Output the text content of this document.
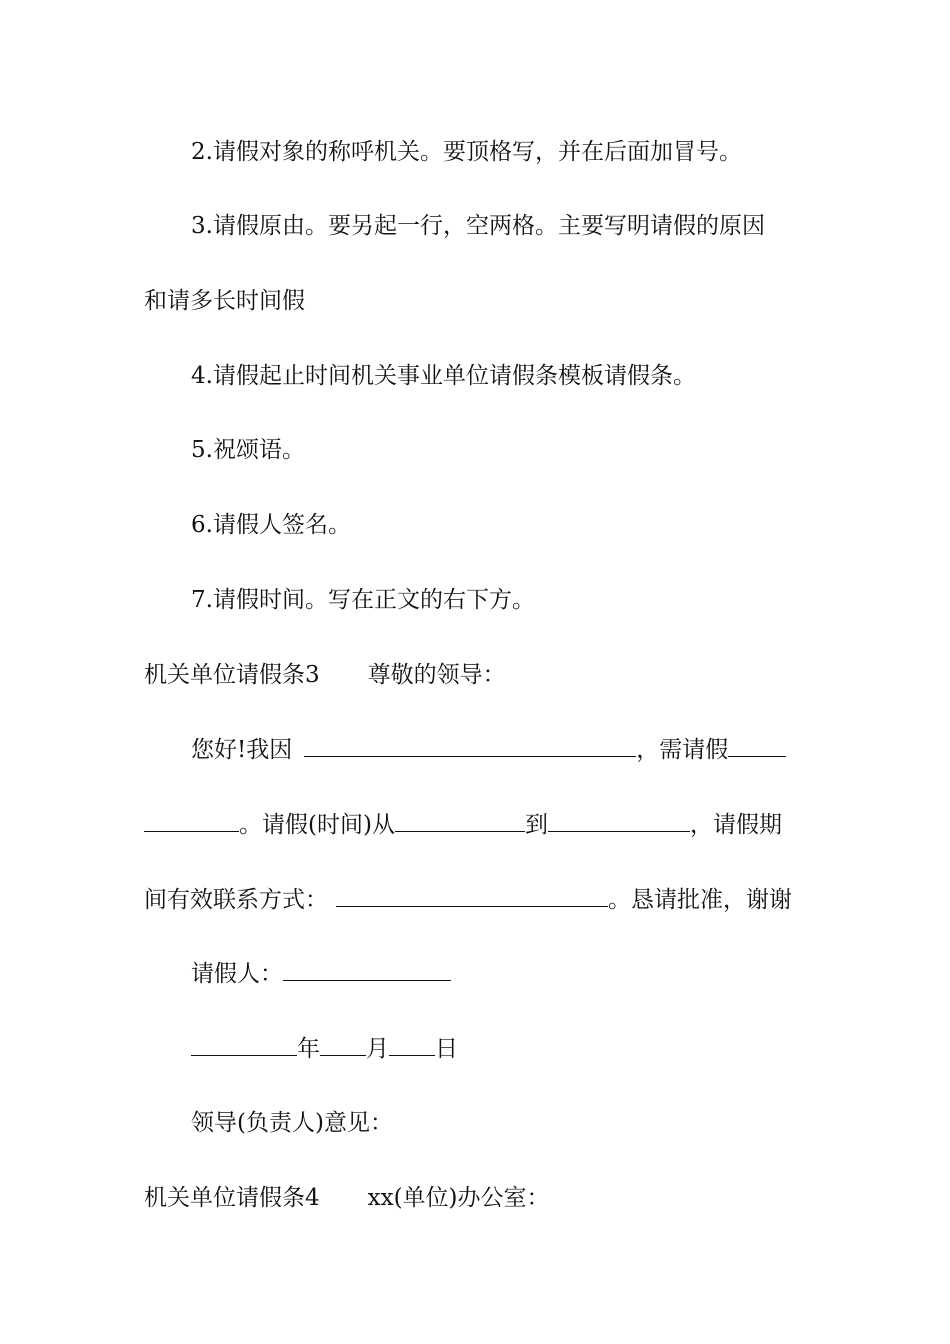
2.请假对象的称呼机关。要顶格写，并在后面加冒号。
3.请假原由。要另起一行，空两格。主要写明请假的原因
和请多长时间假
4.请假起止时间机关事业单位请假条模板请假条。
5.祝颂语。
6.请假人签名。
7.请假时间。写在正文的右下方。
机关单位请假条3 尊敬的领导：
您好!我因	，需请假
。请假(时间)从	到	，请假期
间有效联系方式：	。恳请批准，谢谢
请假人：
年 月 日
领导(负责人)意见：
机关单位请假条4 xx(单位)办公室：
